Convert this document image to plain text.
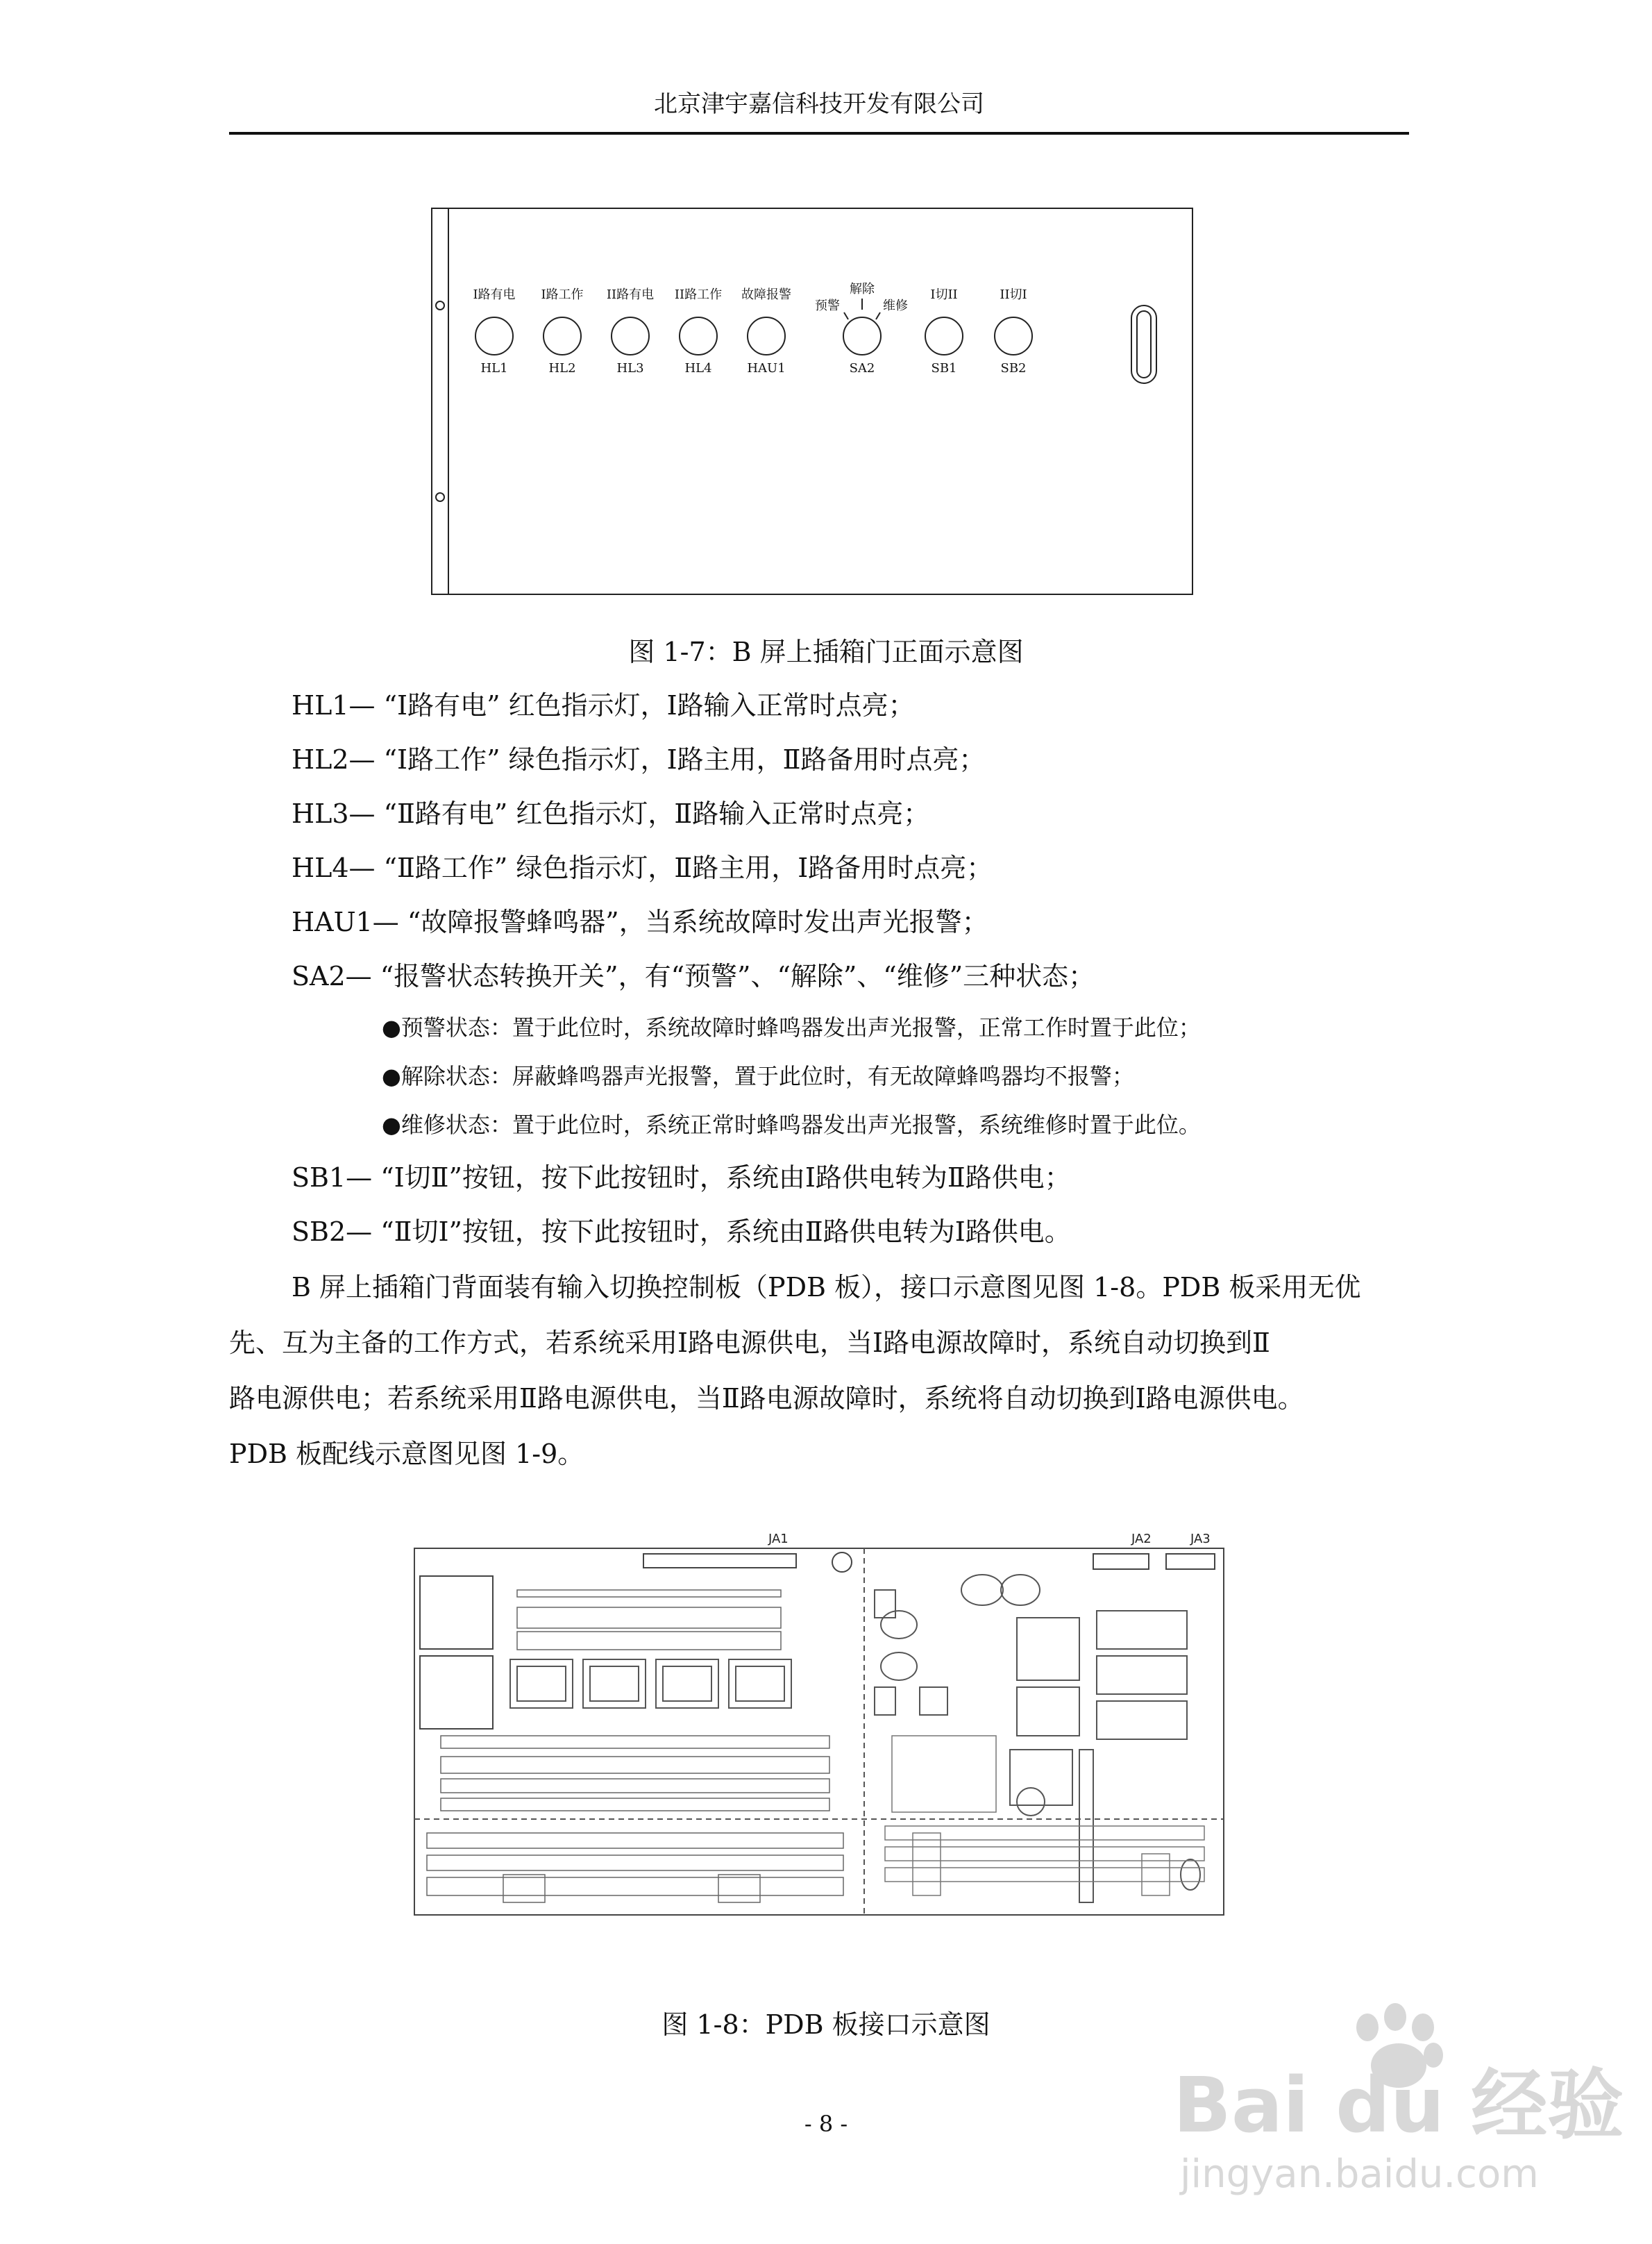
北京津宇嘉信科技开发有限公司
I路有电
HL1
I路工作
HL2
II路有电
HL3
II路工作
HL4
故障报警
HAU1
解除
预警	维修
SA2
I切II
SB1
II切I
SB2
图 1-7：B 屏上插箱门正面示意图
HL1— “Ⅰ路有电” 红色指示灯，Ⅰ路输入正常时点亮；
HL2— “Ⅰ路工作” 绿色指示灯，Ⅰ路主用，Ⅱ路备用时点亮；
HL3— “Ⅱ路有电” 红色指示灯，Ⅱ路输入正常时点亮；
HL4— “Ⅱ路工作” 绿色指示灯，Ⅱ路主用，Ⅰ路备用时点亮；
HAU1— “故障报警蜂鸣器”，当系统故障时发出声光报警；
SA2— “报警状态转换开关”，有“预警”、“解除”、“维修”三种状态；
●预警状态：置于此位时，系统故障时蜂鸣器发出声光报警，正常工作时置于此位；
●解除状态：屏蔽蜂鸣器声光报警，置于此位时，有无故障蜂鸣器均不报警；
●维修状态：置于此位时，系统正常时蜂鸣器发出声光报警，系统维修时置于此位。
SB1— “Ⅰ切Ⅱ”按钮，按下此按钮时，系统由Ⅰ路供电转为Ⅱ路供电；
SB2— “Ⅱ切Ⅰ”按钮，按下此按钮时，系统由Ⅱ路供电转为Ⅰ路供电。
B 屏上插箱门背面装有输入切换控制板（PDB 板），接口示意图见图 1-8。PDB 板采用无优
先、互为主备的工作方式，若系统采用Ⅰ路电源供电，当Ⅰ路电源故障时，系统自动切换到Ⅱ
路电源供电；若系统采用Ⅱ路电源供电，当Ⅱ路电源故障时，系统将自动切换到Ⅰ路电源供电。
PDB 板配线示意图见图 1-9。
JA1	JA2	JA3
图 1-8：PDB 板接口示意图
Bai du 经验
jingyan.baidu.com
- 8 -
